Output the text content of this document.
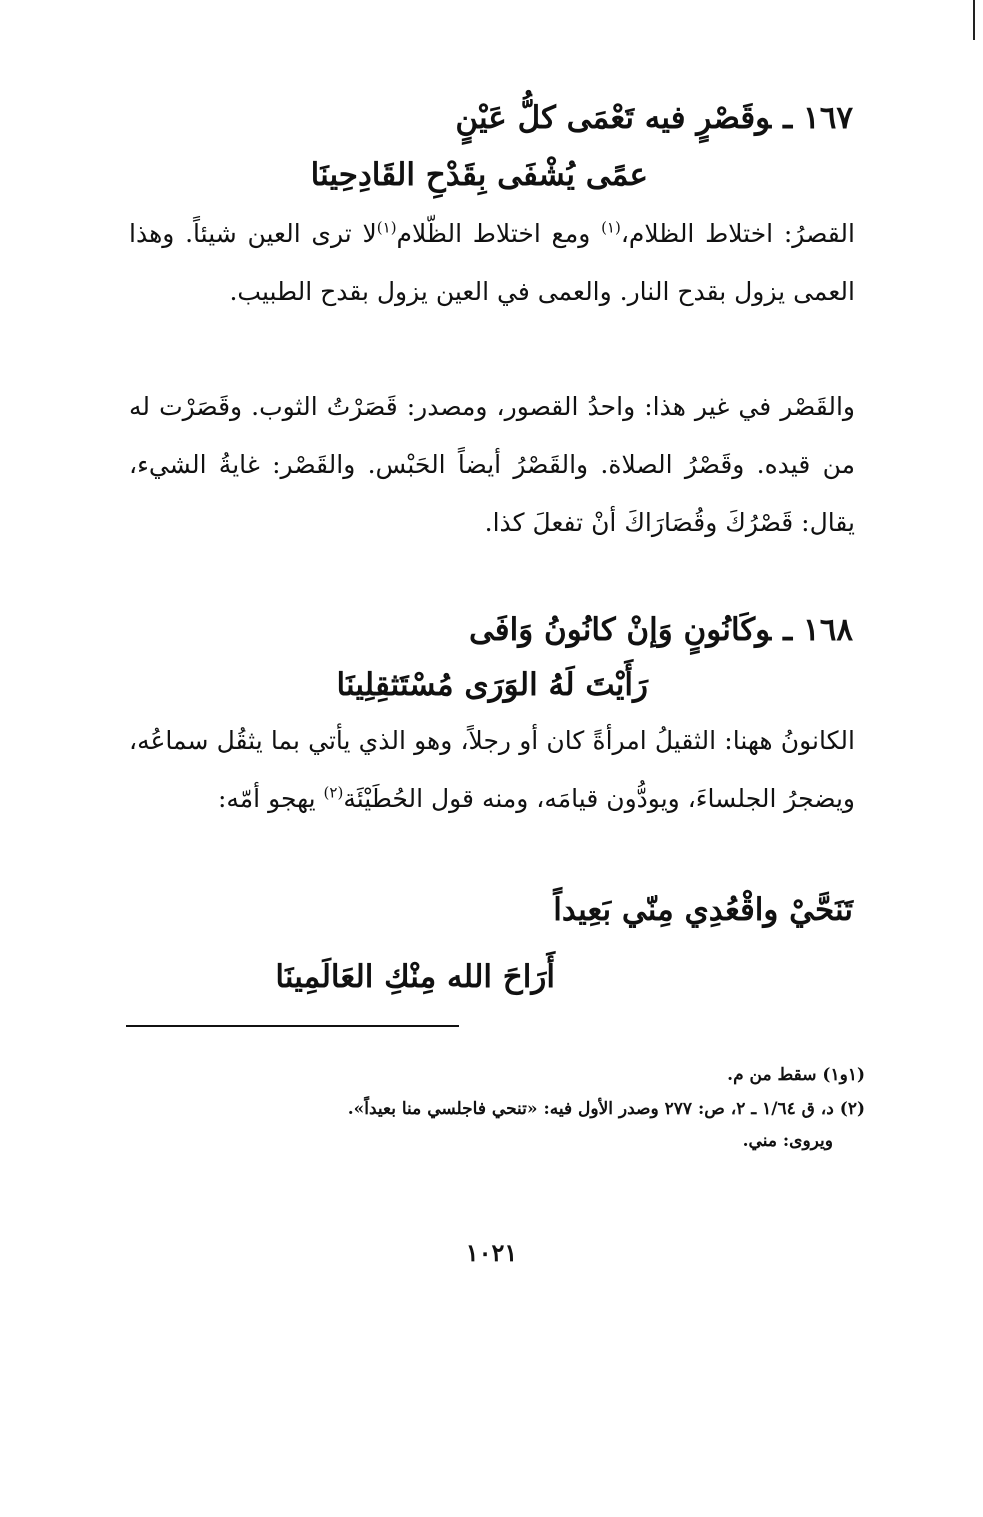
١٦٧ ـوقَصْرٍ فيه تَعْمَى كلُّ عَيْنٍ
عمًى يُشْفَى بِقَدْحِ القَادِحِينَا
القصرُ: اختلاط الظلام،$^{(١)}$ ومع اختلاط الظّلام$^{(١)}$لا ترى العين شيئاً. وهذا العمى يزول بقدح النار. والعمى في العين يزول بقدح الطبيب.
والقَصْر في غير هذا: واحدُ القصور، ومصدر: قَصَرْتُ الثوب. وقَصَرْت له من قيده. وقَصْرُ الصلاة. والقَصْرُ أيضاً الحَبْس. والقَصْر: غايةُ الشيء، يقال: قَصْرُكَ وقُصَارَاكَ أنْ تفعلَ كذا.
١٦٨ ـوكَانُونٍ وَإنْ كانُونُ وَافَى
رَأَيْتَ لَهُ الوَرَى مُسْتَثقِلِينَا
الكانونُ ههنا: الثقيلُ امرأةً كان أو رجلاً، وهو الذي يأتي بما يثقُل سماعُه، ويضجرُ الجلساءَ، ويودُّون قيامَه، ومنه قول الحُطَيْئَة$^{(٢)}$ يهجو أمّه:
تَنَحَّيْ واقْعُدِي مِنّي بَعِيداً
أَرَاحَ الله مِنْكِ العَالَمِينَا
(١و١) سقط من م.
(٢) د، ق ١/٦٤ ـ ٢، ص: ٢٧٧ وصدر الأول فيه: «تنحي فاجلسي منا بعيداً».
ويروى: مني.
١٠٢١
